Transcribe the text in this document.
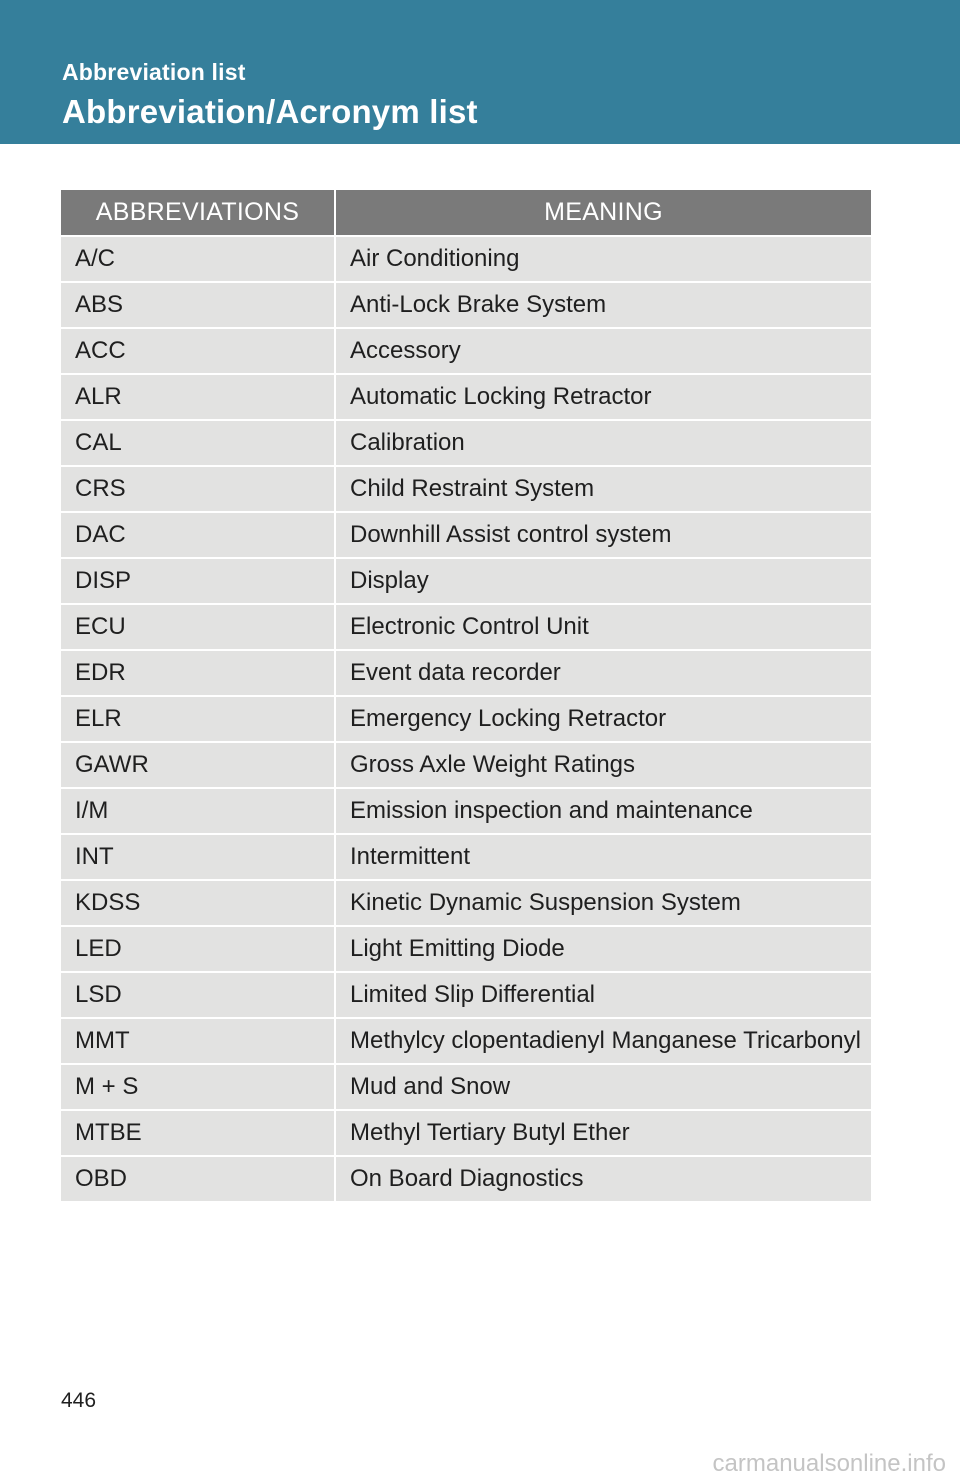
Abbreviation list
Abbreviation/Acronym list
ABBREVIATIONS	MEANING
A/C	Air Conditioning
ABS	Anti-Lock Brake System
ACC	Accessory
ALR	Automatic Locking Retractor
CAL	Calibration
CRS	Child Restraint System
DAC	Downhill Assist control system
DISP	Display
ECU	Electronic Control Unit
EDR	Event data recorder
ELR	Emergency Locking Retractor
GAWR	Gross Axle Weight Ratings
I/M	Emission inspection and maintenance
INT	Intermittent
KDSS	Kinetic Dynamic Suspension System
LED	Light Emitting Diode
LSD	Limited Slip Differential
MMT	Methylcy clopentadienyl Manganese Tricarbonyl
M + S	Mud and Snow
MTBE	Methyl Tertiary Butyl Ether
OBD	On Board Diagnostics
446
carmanualsonline.info
